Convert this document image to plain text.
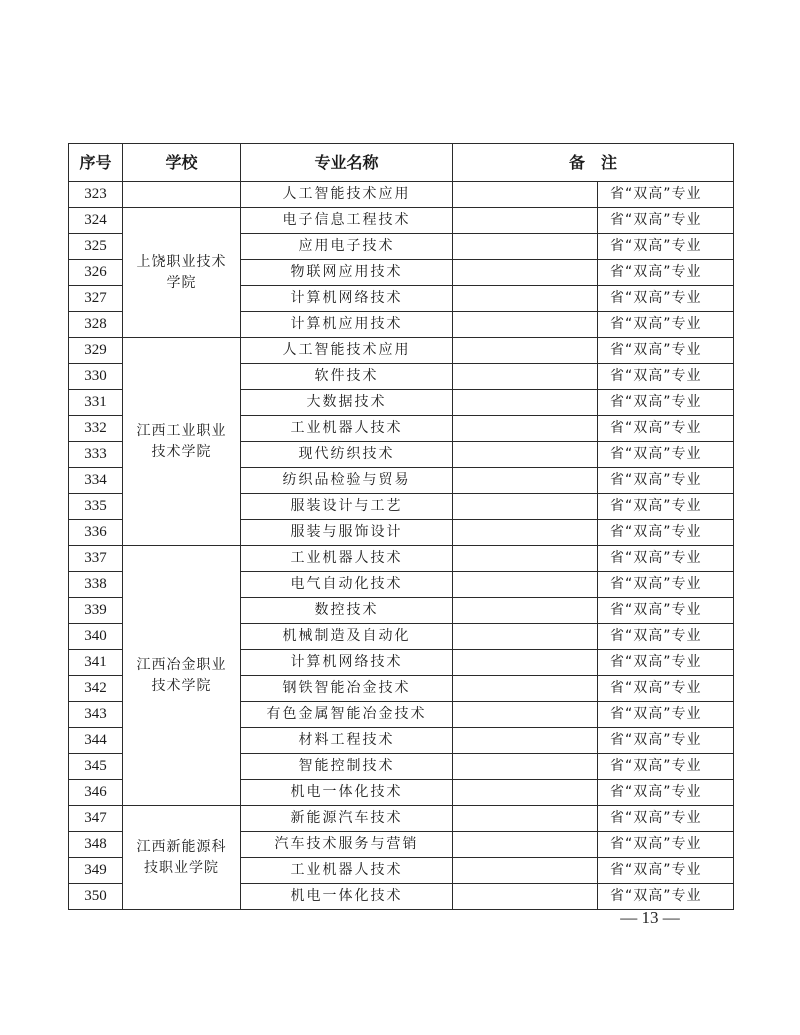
序号	学校	专业名称	备　注	
323		人工智能技术应用		省“双高”专业
324	上饶职业技术学院	电子信息工程技术		省“双高”专业
325		应用电子技术		省“双高”专业
326		物联网应用技术		省“双高”专业
327		计算机网络技术		省“双高”专业
328		计算机应用技术		省“双高”专业
329	江西工业职业技术学院	人工智能技术应用		省“双高”专业
330		软件技术		省“双高”专业
331		大数据技术		省“双高”专业
332		工业机器人技术		省“双高”专业
333		现代纺织技术		省“双高”专业
334		纺织品检验与贸易		省“双高”专业
335		服装设计与工艺		省“双高”专业
336		服装与服饰设计		省“双高”专业
337	江西冶金职业技术学院	工业机器人技术		省“双高”专业
338		电气自动化技术		省“双高”专业
339		数控技术		省“双高”专业
340		机械制造及自动化		省“双高”专业
341		计算机网络技术		省“双高”专业
342		钢铁智能冶金技术		省“双高”专业
343		有色金属智能冶金技术		省“双高”专业
344		材料工程技术		省“双高”专业
345		智能控制技术		省“双高”专业
346		机电一体化技术		省“双高”专业
347	江西新能源科技职业学院	新能源汽车技术		省“双高”专业
348		汽车技术服务与营销		省“双高”专业
349		工业机器人技术		省“双高”专业
350		机电一体化技术		省“双高”专业
— 13 —
